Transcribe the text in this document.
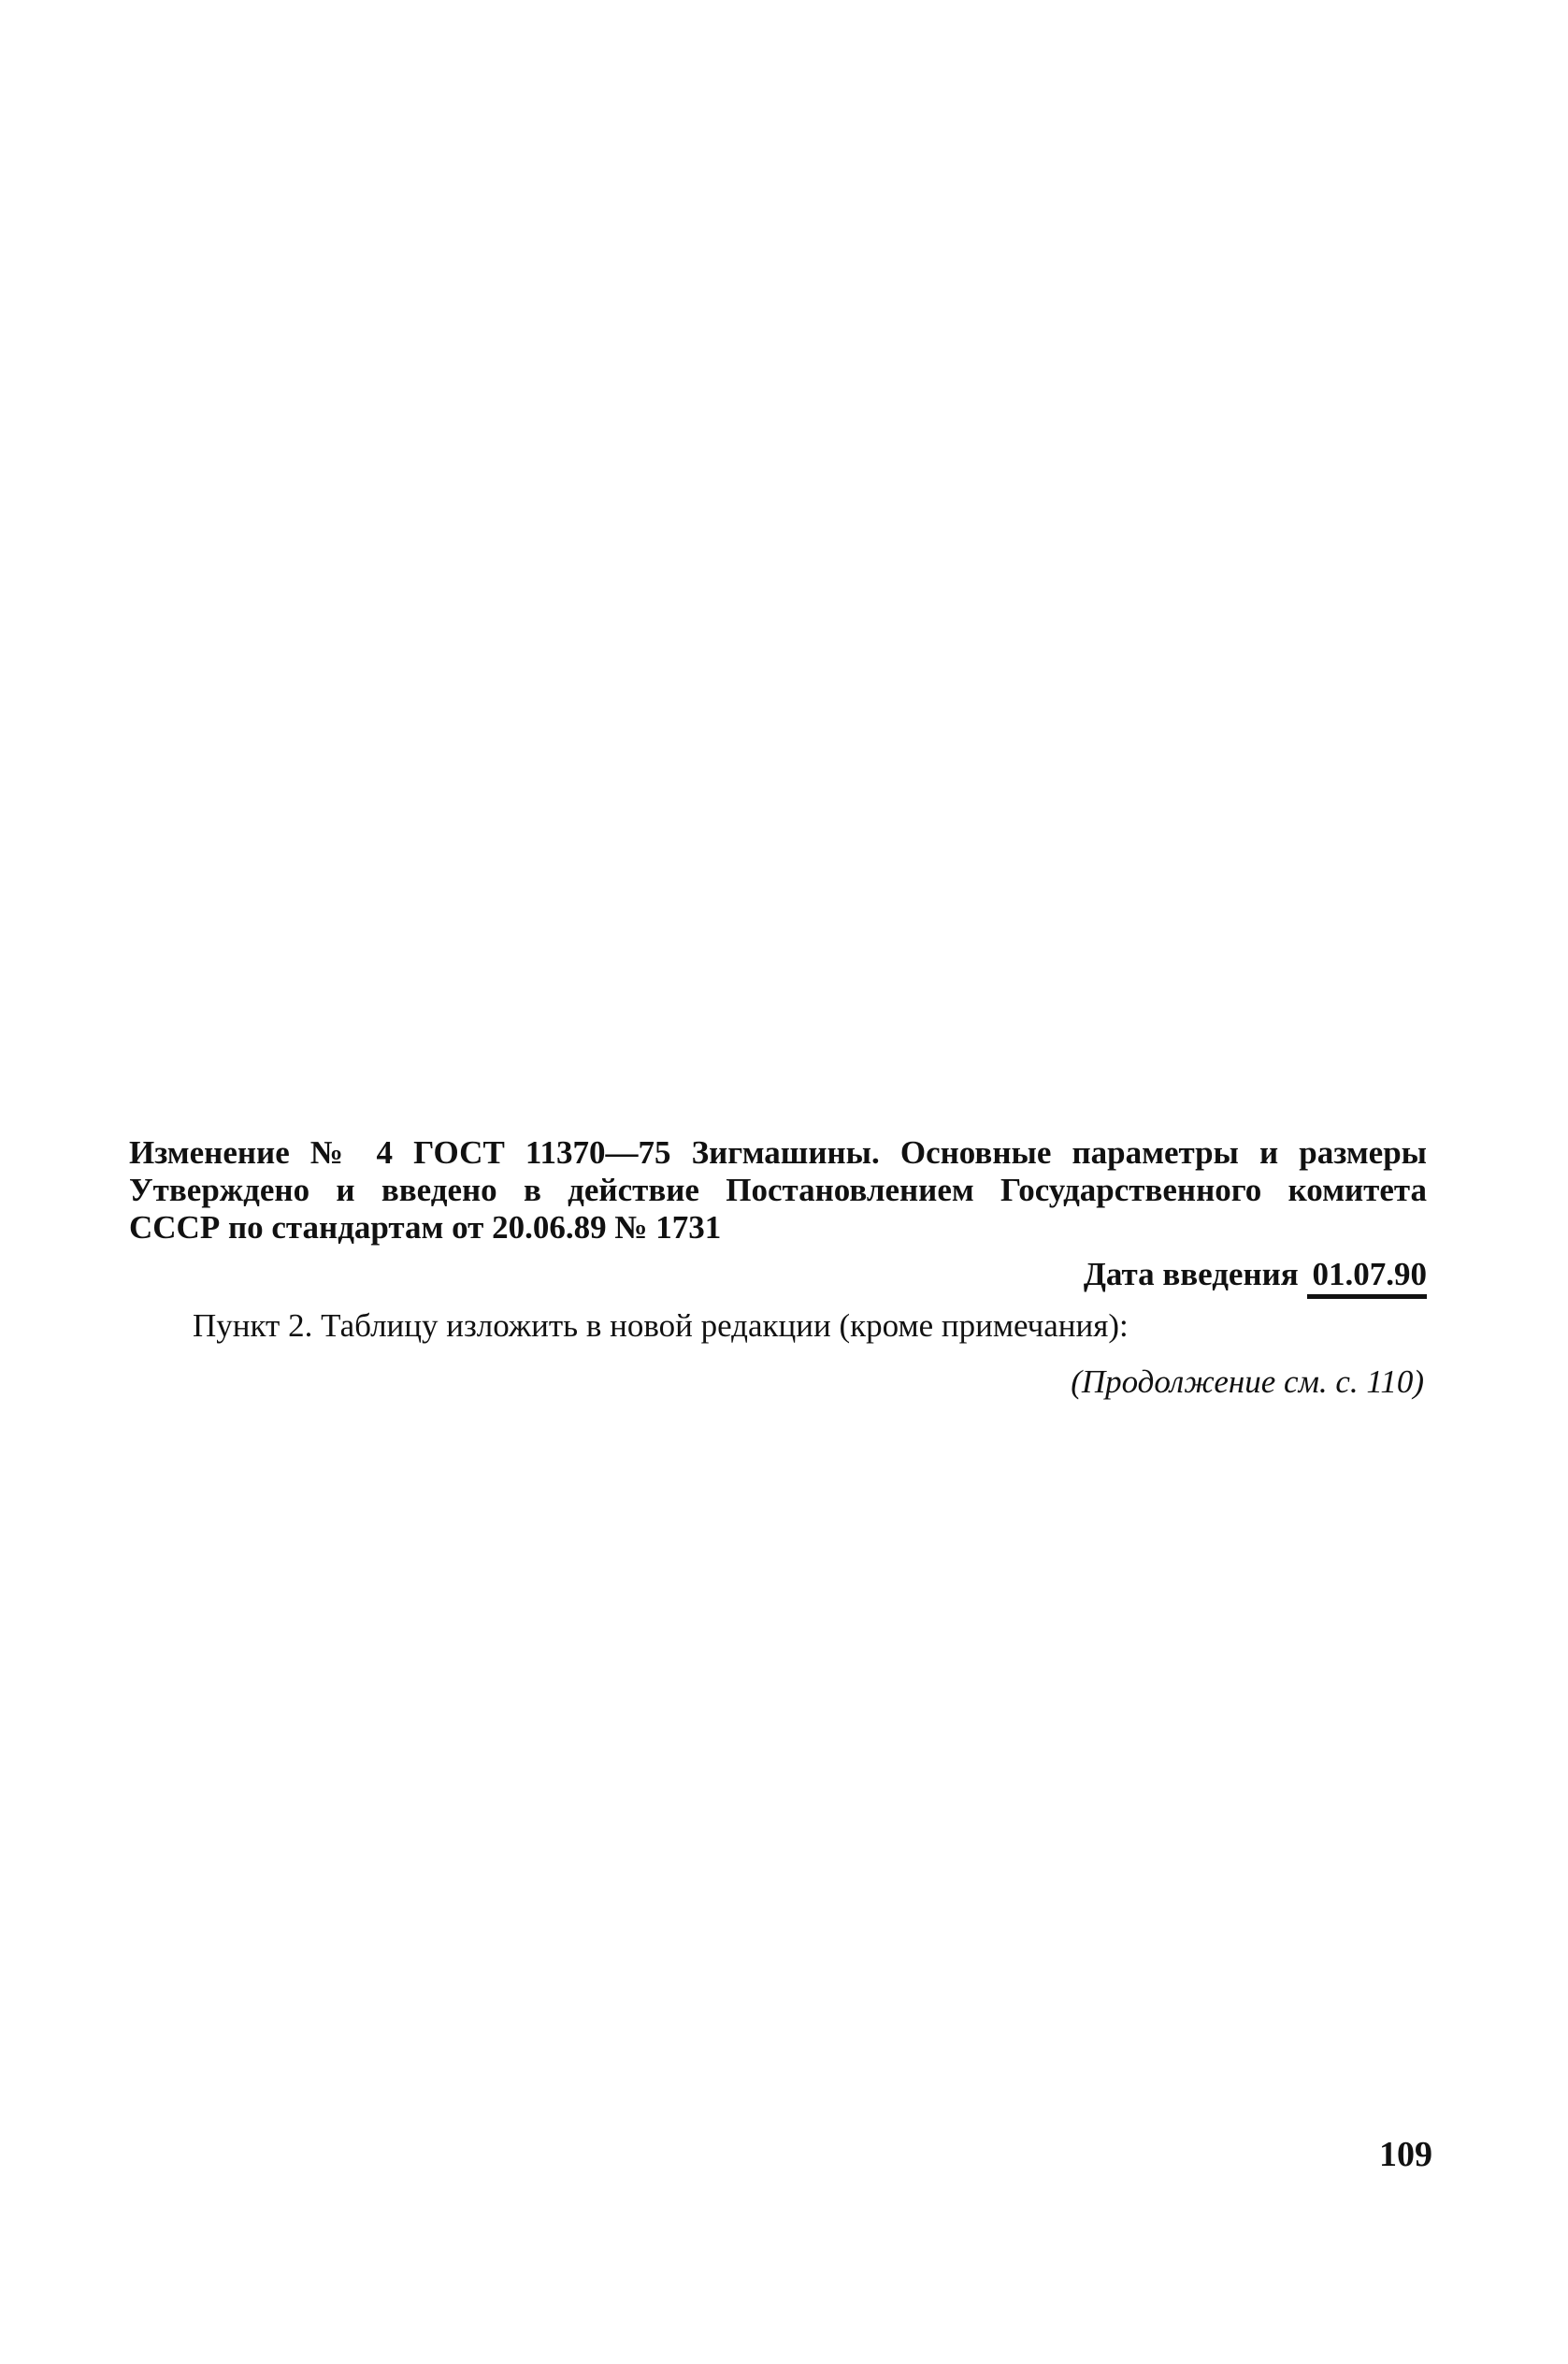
Изменение № 4 ГОСТ 11370—75 Зигмашины. Основные параметры и размеры
Утверждено и введено в действие Постановлением Государственного комитета
СССР по стандартам от 20.06.89 № 1731
Дата введения 01.07.90
Пункт 2. Таблицу изложить в новой редакции (кроме примечания):
(Продолжение см. с. 110)
109
